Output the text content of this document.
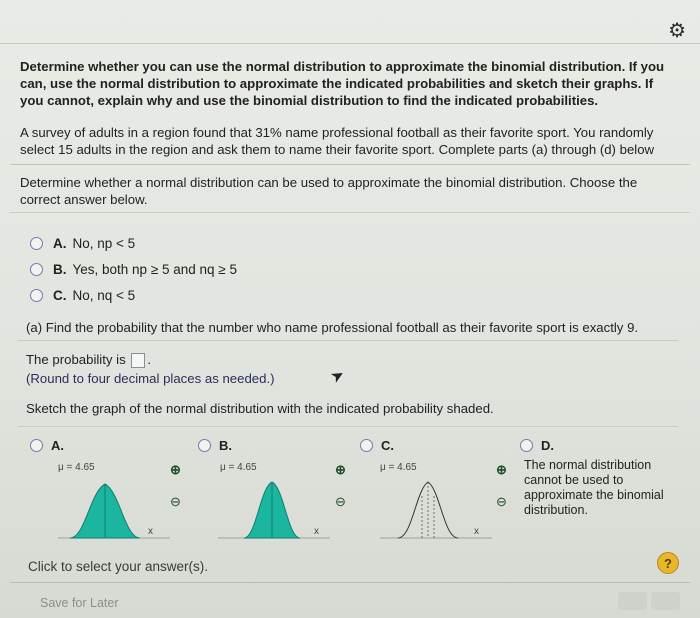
⚙
Determine whether you can use the normal distribution to approximate the binomial distribution. If you can, use the normal distribution to approximate the indicated probabilities and sketch their graphs. If you cannot, explain why and use the binomial distribution to find the indicated probabilities.
A survey of adults in a region found that 31% name professional football as their favorite sport. You randomly select 15 adults in the region and ask them to name their favorite sport. Complete parts (a) through (d) below
Determine whether a normal distribution can be used to approximate the binomial distribution. Choose the correct answer below.
A. No, np < 5
B. Yes, both np ≥ 5 and nq ≥ 5
C. No, nq < 5
(a) Find the probability that the number who name professional football as their favorite sport is exactly 9.
The probability is .
(Round to four decimal places as needed.)	➤
Sketch the graph of the normal distribution with the indicated probability shaded.
A.
μ = 4.65
x
⊕
⊖
B.
μ = 4.65
x
⊕
⊖
C.
μ = 4.65
x
⊕
⊖
D.
The normal distribution cannot be used to approximate the binomial distribution.
Click to select your answer(s).	?
Save for Later
